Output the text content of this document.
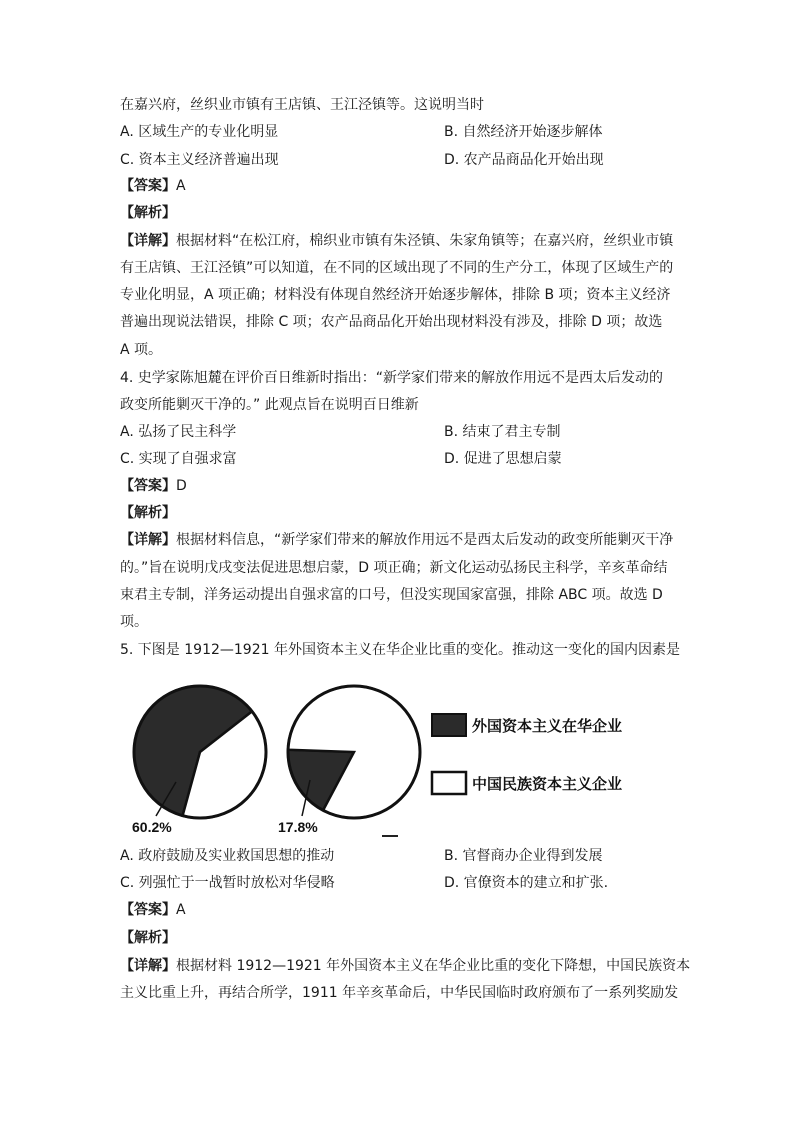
在嘉兴府，丝织业市镇有王店镇、王江泾镇等。这说明当时
A. 区域生产的专业化明显	B. 自然经济开始逐步解体
C. 资本主义经济普遍出现	D. 农产品商品化开始出现
【答案】A
【解析】
【详解】根据材料“在松江府，棉织业市镇有朱泾镇、朱家角镇等；在嘉兴府，丝织业市镇
有王店镇、王江泾镇”可以知道，在不同的区域出现了不同的生产分工，体现了区域生产的
专业化明显，A 项正确；材料没有体现自然经济开始逐步解体，排除 B 项；资本主义经济
普遍出现说法错误，排除 C 项；农产品商品化开始出现材料没有涉及，排除 D 项；故选
A 项。
4. 史学家陈旭麓在评价百日维新时指出：“新学家们带来的解放作用远不是西太后发动的
政变所能剿灭干净的。” 此观点旨在说明百日维新
A. 弘扬了民主科学	B. 结束了君主专制
C. 实现了自强求富	D. 促进了思想启蒙
【答案】D
【解析】
【详解】根据材料信息，“新学家们带来的解放作用远不是西太后发动的政变所能剿灭干净
的。”旨在说明戊戌变法促进思想启蒙，D 项正确；新文化运动弘扬民主科学，辛亥革命结
束君主专制，洋务运动提出自强求富的口号，但没实现国家富强，排除 ABC 项。故选 D
项。
5. 下图是 1912—1921 年外国资本主义在华企业比重的变化。推动这一变化的国内因素是
60.2%	17.8%
外国资本主义在华企业
中国民族资本主义企业
A. 政府鼓励及实业救国思想的推动	B. 官督商办企业得到发展
C. 列强忙于一战暂时放松对华侵略	D. 官僚资本的建立和扩张.
【答案】A
【解析】
【详解】根据材料 1912—1921 年外国资本主义在华企业比重的变化下降想，中国民族资本
主义比重上升，再结合所学，1911 年辛亥革命后，中华民国临时政府颁布了一系列奖励发
